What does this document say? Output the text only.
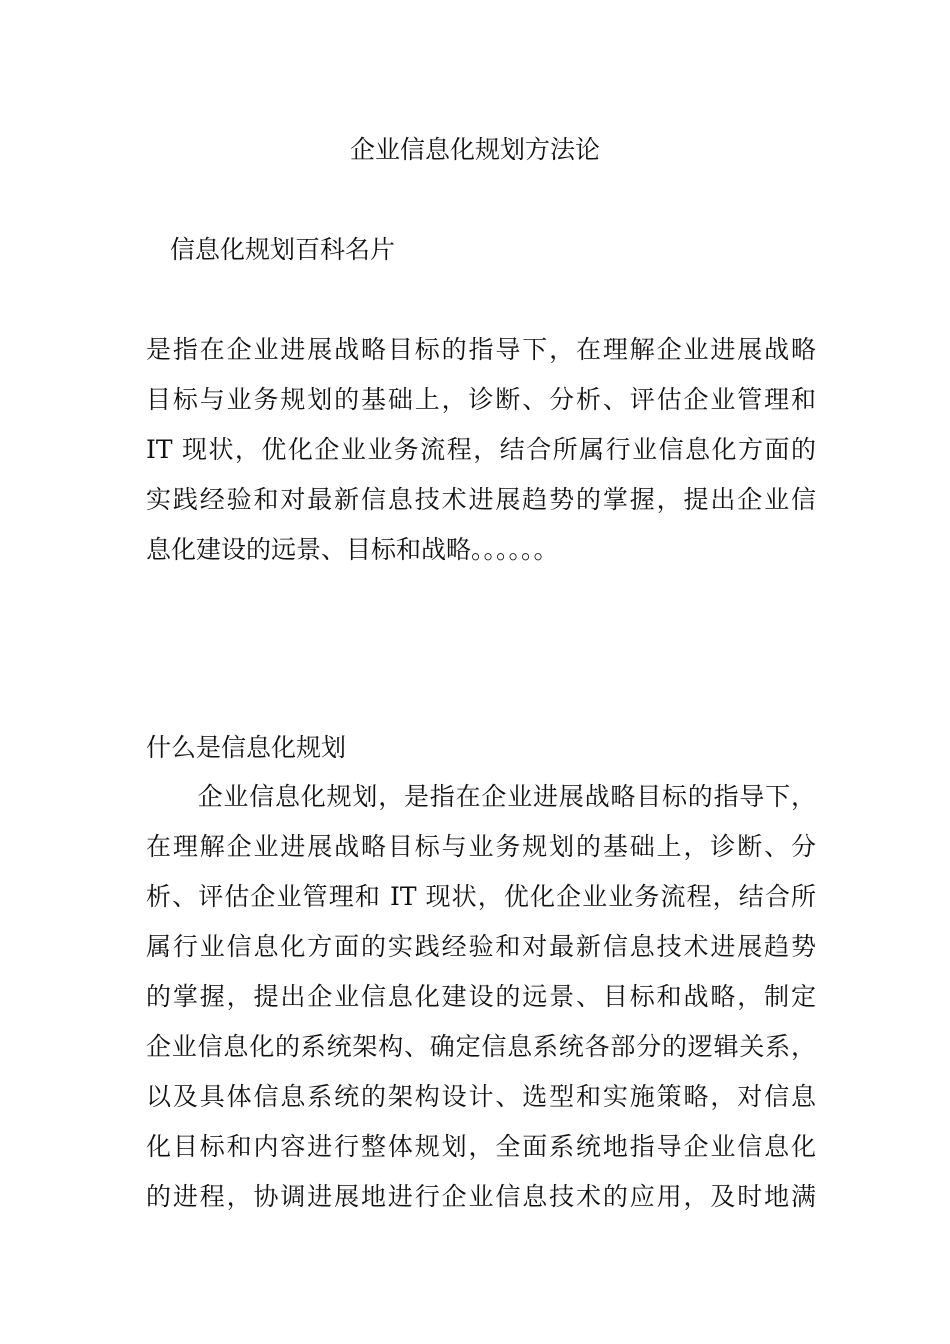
企业信息化规划方法论
信息化规划百科名片
是指在企业进展战略目标的指导下，在理解企业进展战略
目标与业务规划的基础上，诊断、分析、评估企业管理和
IT 现状，优化企业业务流程，结合所属行业信息化方面的
实践经验和对最新信息技术进展趋势的掌握，提出企业信
息化建设的远景、目标和战略。。。。。。
什么是信息化规划
　　企业信息化规划，是指在企业进展战略目标的指导下，
在理解企业进展战略目标与业务规划的基础上，诊断、分
析、评估企业管理和 IT 现状，优化企业业务流程，结合所
属行业信息化方面的实践经验和对最新信息技术进展趋势
的掌握，提出企业信息化建设的远景、目标和战略，制定
企业信息化的系统架构、确定信息系统各部分的逻辑关系，
以及具体信息系统的架构设计、选型和实施策略，对信息
化目标和内容进行整体规划，全面系统地指导企业信息化
的进程，协调进展地进行企业信息技术的应用，及时地满
